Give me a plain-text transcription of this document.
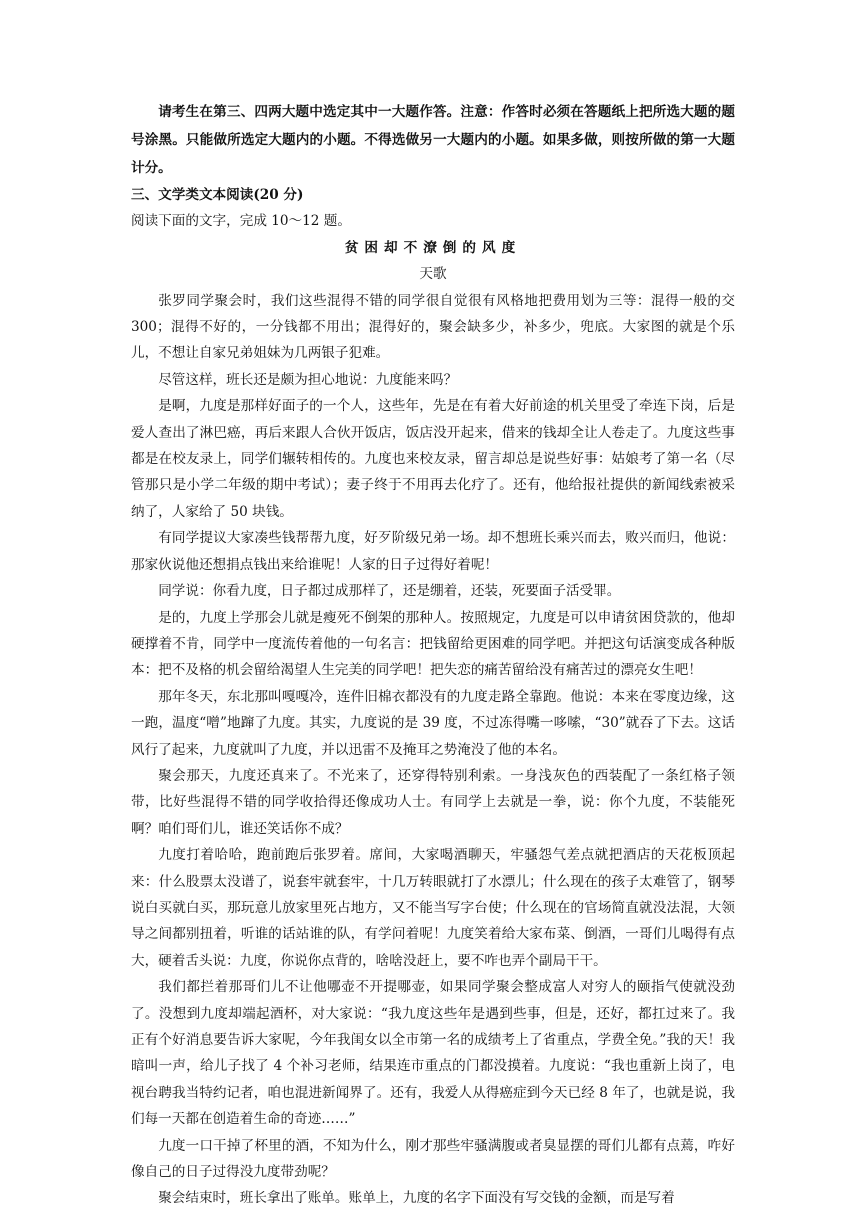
请考生在第三、四两大题中选定其中一大题作答。注意：作答时必须在答题纸上把所选大题的题号涂黑。只能做所选定大题内的小题。不得选做另一大题内的小题。如果多做，则按所做的第一大题计分。

三、文学类文本阅读(20 分)

阅读下面的文字，完成 10～12 题。

贫困却不潦倒的风度

天歌

张罗同学聚会时，我们这些混得不错的同学很自觉很有风格地把费用划为三等：混得一般的交 300；混得不好的，一分钱都不用出；混得好的，聚会缺多少，补多少，兜底。大家图的就是个乐儿，不想让自家兄弟姐妹为几两银子犯难。

尽管这样，班长还是颇为担心地说：九度能来吗？

是啊，九度是那样好面子的一个人，这些年，先是在有着大好前途的机关里受了牵连下岗，后是爱人查出了淋巴癌，再后来跟人合伙开饭店，饭店没开起来，借来的钱却全让人卷走了。九度这些事都是在校友录上，同学们辗转相传的。九度也来校友录，留言却总是说些好事：姑娘考了第一名（尽管那只是小学二年级的期中考试）；妻子终于不用再去化疗了。还有，他给报社提供的新闻线索被采纳了，人家给了 50 块钱。

有同学提议大家凑些钱帮帮九度，好歹阶级兄弟一场。却不想班长乘兴而去，败兴而归，他说：那家伙说他还想捐点钱出来给谁呢！人家的日子过得好着呢！

同学说：你看九度，日子都过成那样了，还是绷着，还装，死要面子活受罪。

是的，九度上学那会儿就是瘦死不倒架的那种人。按照规定，九度是可以申请贫困贷款的，他却硬撑着不肯，同学中一度流传着他的一句名言：把钱留给更困难的同学吧。并把这句话演变成各种版本：把不及格的机会留给渴望人生完美的同学吧！把失恋的痛苦留给没有痛苦过的漂亮女生吧！

那年冬天，东北那叫嘎嘎冷，连件旧棉衣都没有的九度走路全靠跑。他说：本来在零度边缘，这一跑，温度“噌”地蹿了九度。其实，九度说的是 39 度，不过冻得嘴一哆嗦，“30”就吞了下去。这话风行了起来，九度就叫了九度，并以迅雷不及掩耳之势淹没了他的本名。

聚会那天，九度还真来了。不光来了，还穿得特别利索。一身浅灰色的西装配了一条红格子领带，比好些混得不错的同学收拾得还像成功人士。有同学上去就是一拳，说：你个九度，不装能死啊？咱们哥们儿，谁还笑话你不成？

九度打着哈哈，跑前跑后张罗着。席间，大家喝酒聊天，牢骚怨气差点就把酒店的天花板顶起来：什么股票太没谱了，说套牢就套牢，十几万转眼就打了水漂儿；什么现在的孩子太难管了，钢琴说白买就白买，那玩意儿放家里死占地方，又不能当写字台使；什么现在的官场简直就没法混，大领导之间都别扭着，听谁的话站谁的队，有学问着呢！九度笑着给大家布菜、倒酒，一哥们儿喝得有点大，硬着舌头说：九度，你说你点背的，啥啥没赶上，要不咋也弄个副局干干。

我们都拦着那哥们儿不让他哪壶不开提哪壶，如果同学聚会整成富人对穷人的颐指气使就没劲了。没想到九度却端起酒杯，对大家说：“我九度这些年是遇到些事，但是，还好，都扛过来了。我正有个好消息要告诉大家呢，今年我闺女以全市第一名的成绩考上了省重点，学费全免。”我的天！我暗叫一声，给儿子找了 4 个补习老师，结果连市重点的门都没摸着。九度说：“我也重新上岗了，电视台聘我当特约记者，咱也混进新闻界了。还有，我爱人从得癌症到今天已经 8 年了，也就是说，我们每一天都在创造着生命的奇迹……”

九度一口干掉了杯里的酒，不知为什么，刚才那些牢骚满腹或者臭显摆的哥们儿都有点蔫，咋好像自己的日子过得没九度带劲呢？

聚会结束时，班长拿出了账单。账单上，九度的名字下面没有写交钱的金额，而是写着
